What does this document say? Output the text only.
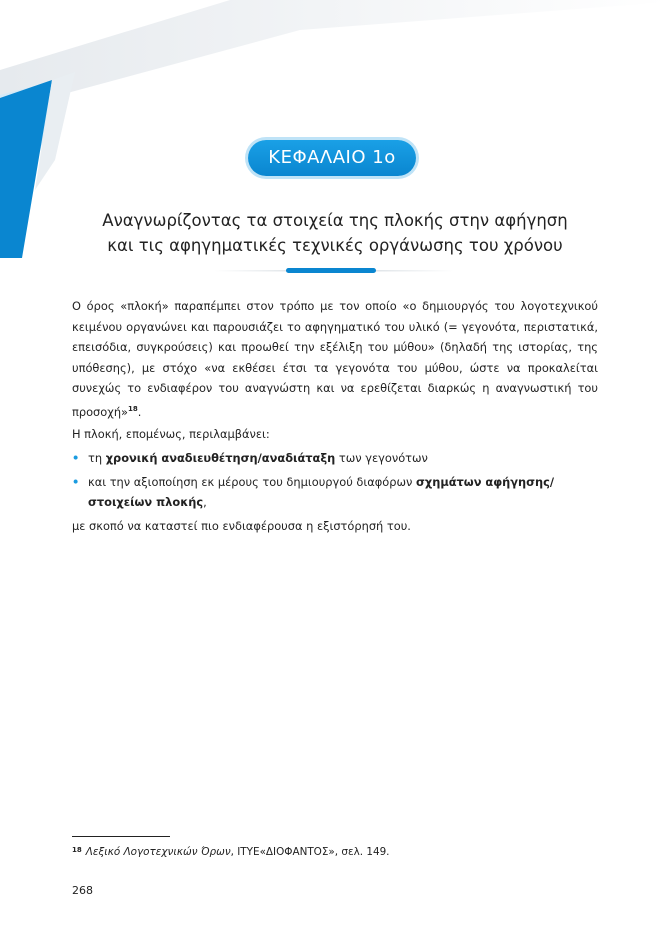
ΚΕΦΑΛΑΙΟ 1ο
Αναγνωρίζοντας τα στοιχεία της πλοκής στην αφήγηση
και τις αφηγηματικές τεχνικές οργάνωσης του χρόνου

Ο όρος «πλοκή» παραπέμπει στον τρόπο με τον οποίο «ο δημιουργός του λογοτεχνικού κειμένου οργανώνει και παρουσιάζει το αφηγηματικό του υλικό (= γεγονότα, περιστατικά, επεισόδια, συγκρούσεις) και προωθεί την εξέλιξη του μύθου» (δηλαδή της ιστορίας, της υπόθεσης), με στόχο «να εκθέσει έτσι τα γεγονότα του μύθου, ώστε να προκαλείται συνεχώς το ενδιαφέρον του αναγνώστη και να ερεθίζεται διαρκώς η αναγνωστική του προσοχή»$^{18}$.

Η πλοκή, επομένως, περιλαμβάνει:

• τη χρονική αναδιευθέτηση/αναδιάταξη των γεγονότων
• και την αξιοποίηση εκ μέρους του δημιουργού διαφόρων σχημάτων αφήγησης/στοιχείων πλοκής,

με σκοπό να καταστεί πιο ενδιαφέρουσα η εξιστόρησή του.

$^{18}$ Λεξικό Λογοτεχνικών Όρων, ΙΤΥΕ«ΔΙΟΦΑΝΤΟΣ», σελ. 149.
268
